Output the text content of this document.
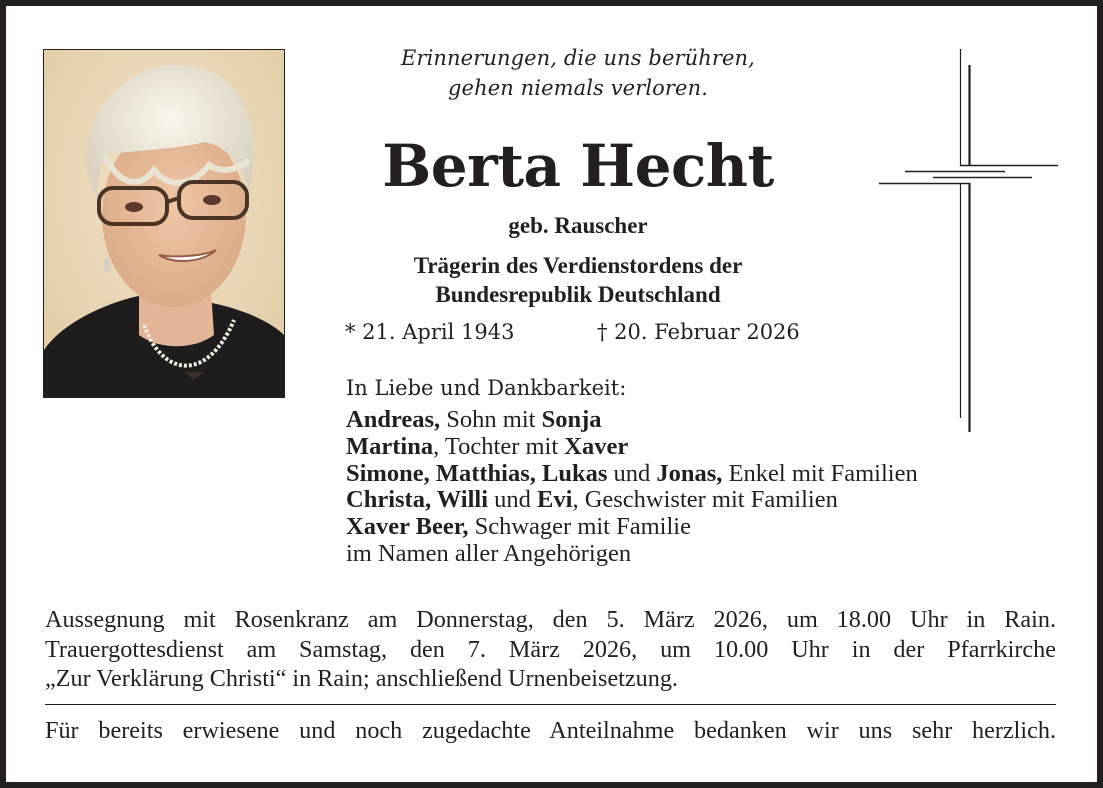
Erinnerungen, die uns berühren,
gehen niemals verloren.
Berta Hecht
geb. Rauscher
Trägerin des Verdienstordens der
Bundesrepublik Deutschland
* 21. April 1943	† 20. Februar 2026
In Liebe und Dankbarkeit:
Andreas, Sohn mit Sonja
Martina, Tochter mit Xaver
Simone, Matthias, Lukas und Jonas, Enkel mit Familien
Christa, Willi und Evi, Geschwister mit Familien
Xaver Beer, Schwager mit Familie
im Namen aller Angehörigen
Aussegnung mit Rosenkranz am Donnerstag, den 5. März 2026, um 18.00 Uhr in Rain.
Trauergottesdienst am Samstag, den 7. März 2026, um 10.00 Uhr in der Pfarrkirche
„Zur Verklärung Christi“ in Rain; anschließend Urnenbeisetzung.
Für bereits erwiesene und noch zugedachte Anteilnahme bedanken wir uns sehr herzlich.
